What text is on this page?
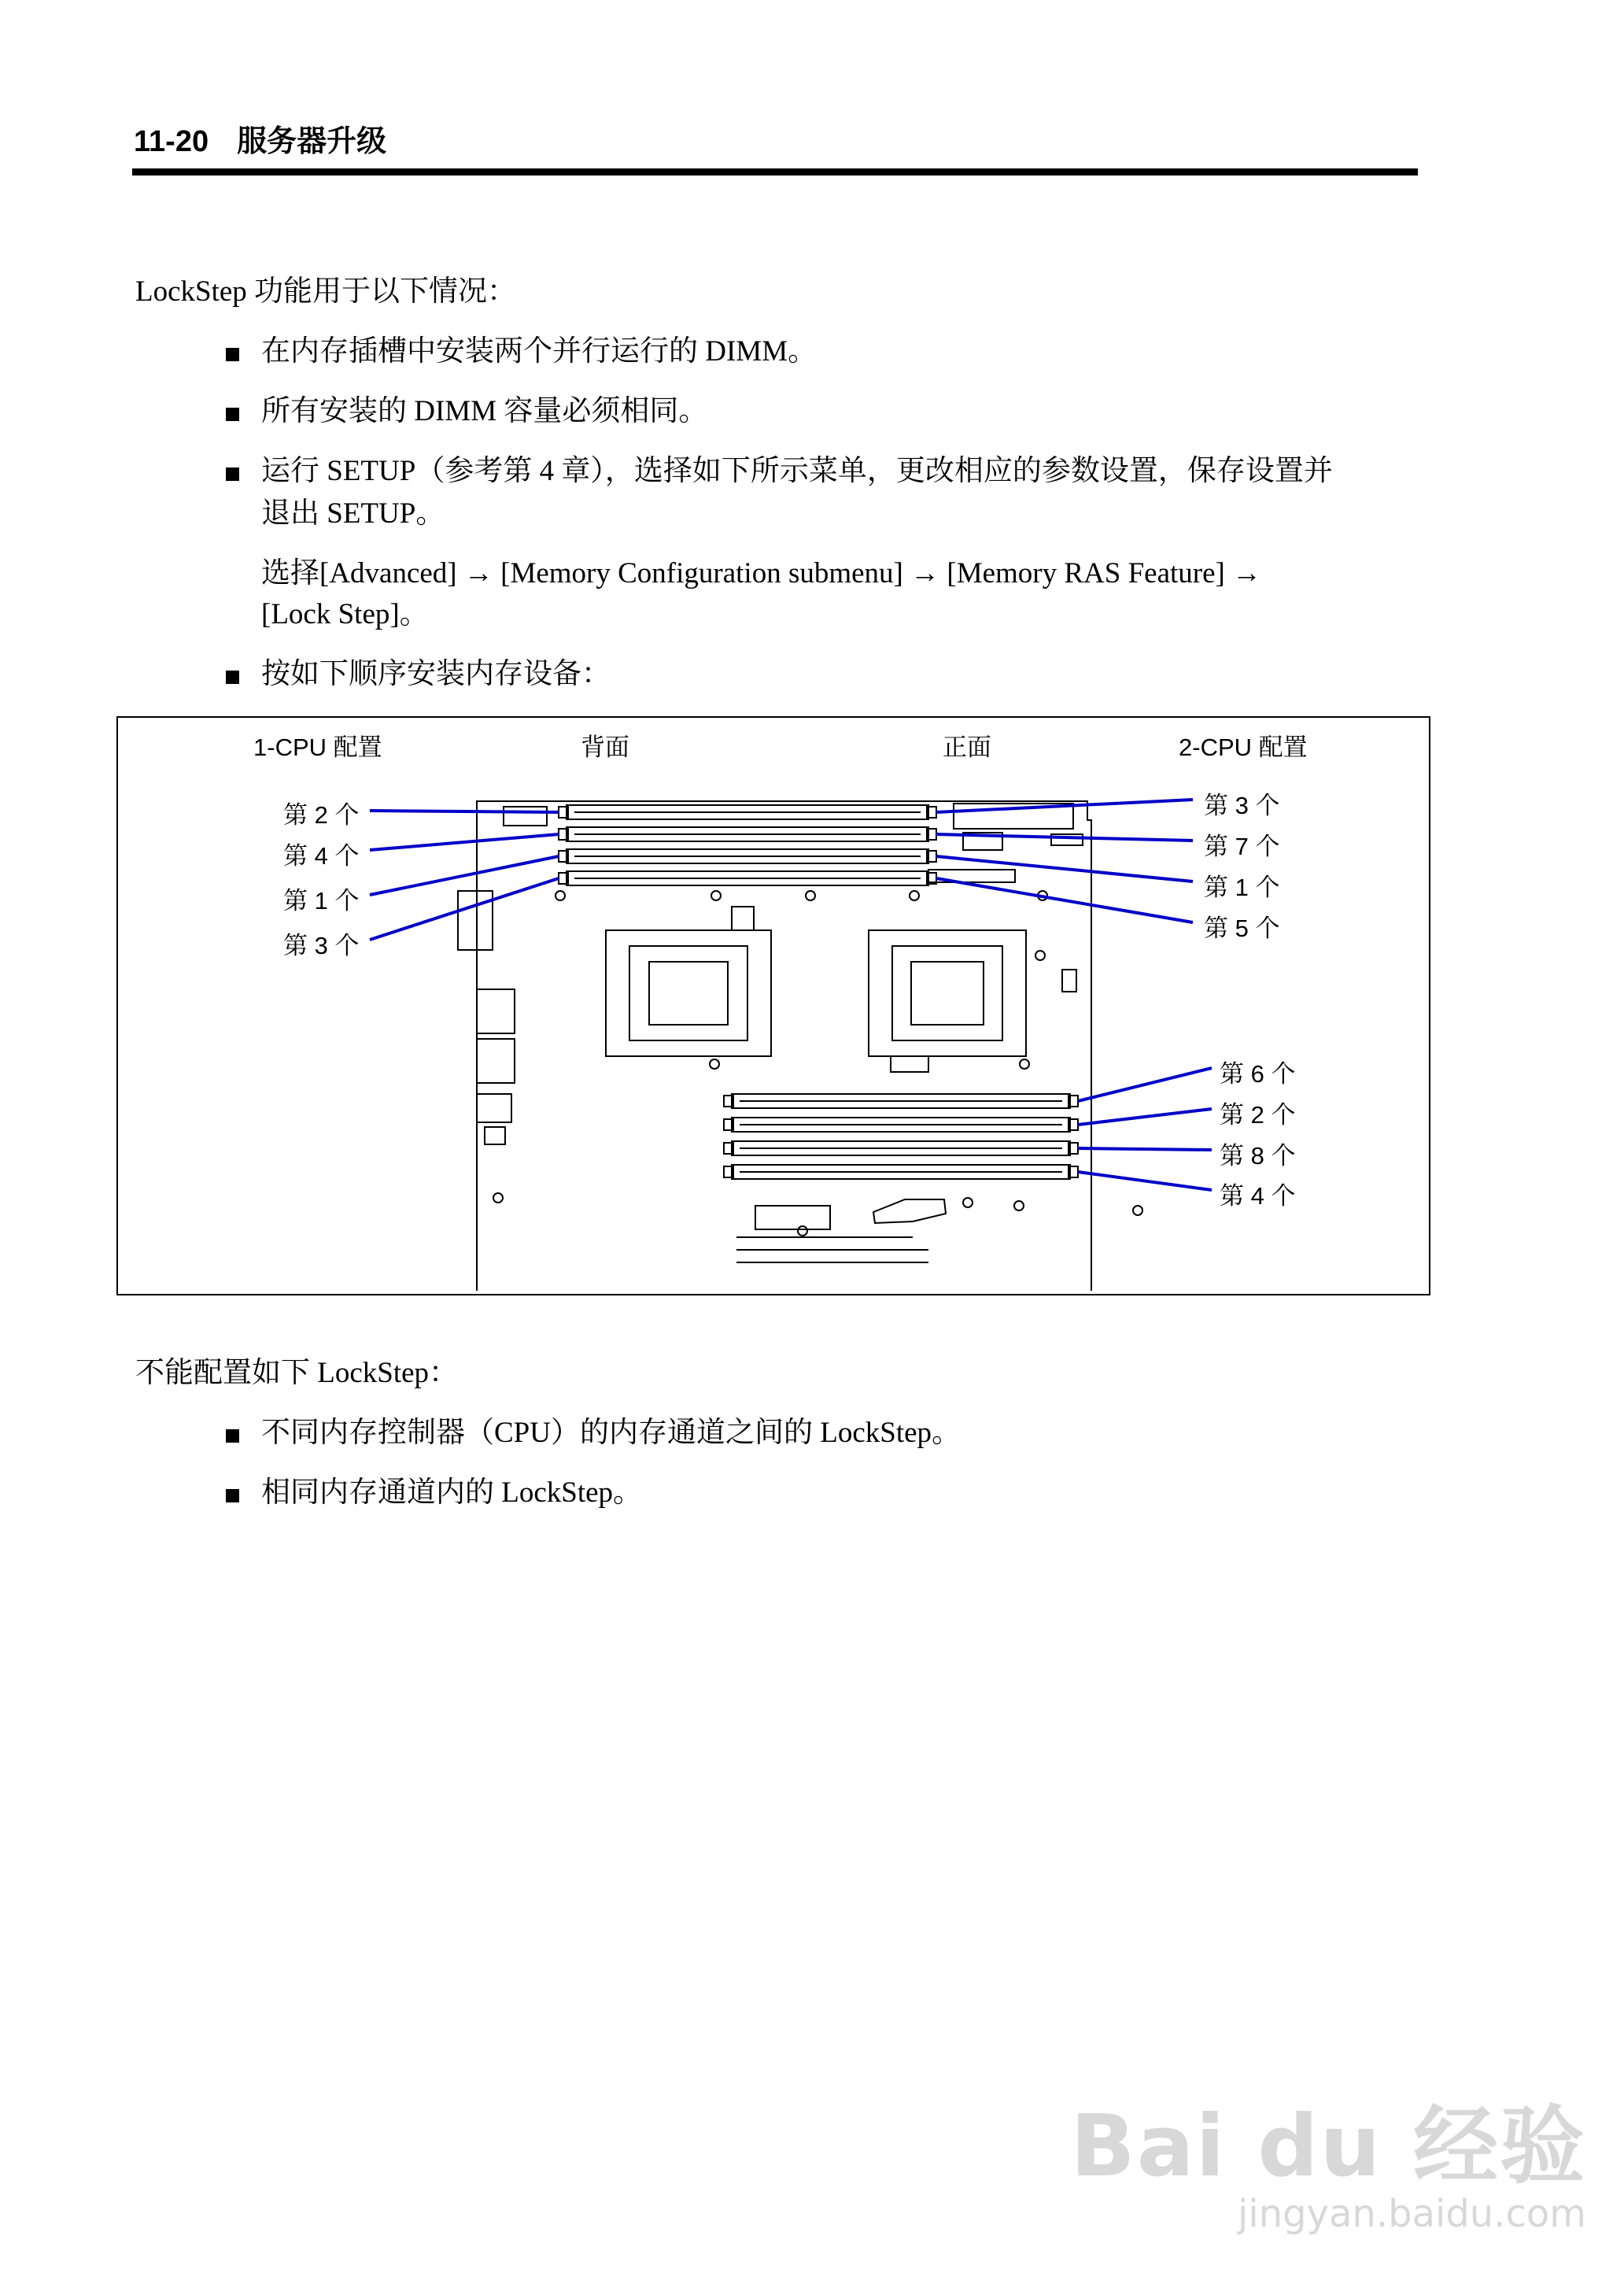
11-20 服务器升级
LockStep 功能用于以下情况：
在内存插槽中安装两个并行运行的 DIMM。
所有安装的 DIMM 容量必须相同。
运行 SETUP（参考第 4 章），选择如下所示菜单，更改相应的参数设置，保存设置并
退出 SETUP。
选择[Advanced] → [Memory Configuration submenu] → [Memory RAS Feature] →
[Lock Step]。
按如下顺序安装内存设备：
1-CPU 配置	背面	正面	2-CPU 配置
第 2 个
第 4 个
第 1 个
第 3 个
第 3 个
第 7 个
第 1 个
第 5 个
第 6 个
第 2 个
第 8 个
第 4 个
不能配置如下 LockStep：
不同内存控制器（CPU）的内存通道之间的 LockStep。
相同内存通道内的 LockStep。
Bai du 经验
jingyan.baidu.com
